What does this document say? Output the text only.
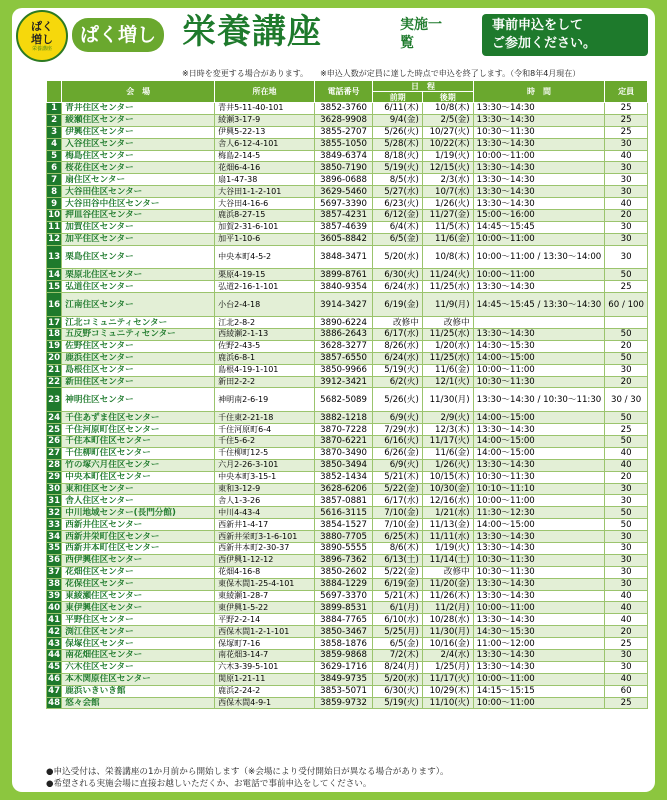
ぱく
増し
栄養講座
ぱく増し 栄養講座	実施一覧
事前申込をして
ご参加ください。
※日時を変更する場合があります。 ※申込人数が定員に達した時点で申込を終了します。（令和8年4月現在）
	会　場	所在地	電話番号	日　程		時　間	定員
				前期	後期		
1	青井住区センター	青井5-11-40-101	3852-3760	6/11(木)	10/8(木)	13:30～14:30	25
2	綾瀬住区センター	綾瀬3-17-9	3628-9908	9/4(金)	2/5(金)	13:30～14:30	25
3	伊興住区センター	伊興5-22-13	3855-2707	5/26(火)	10/27(火)	10:30～11:30	25
4	入谷住区センター	舎人6-12-4-101	3855-1050	5/28(木)	10/22(木)	13:30～14:30	30
5	梅島住区センター	梅島2-14-5	3849-6374	8/18(火)	1/19(火)	10:00～11:00	40
6	桜花住区センター	花畑6-4-16	3850-7190	5/19(火)	12/15(火)	13:30～14:30	30
7	扇住区センター	扇1-47-38	3896-0688	8/5(水)	2/3(水)	13:30～14:30	30
8	大谷田住区センター	大谷田1-1-2-101	3629-5460	5/27(水)	10/7(水)	13:30～14:30	30
9	大谷田谷中住区センター	大谷田4-16-6	5697-3390	6/23(火)	1/26(火)	13:30～14:30	40
10	押皿谷住区センター	鹿浜8-27-15	3857-4231	6/12(金)	11/27(金)	15:00～16:00	20
11	加賀住区センター	加賀2-31-6-101	3857-4639	6/4(木)	11/5(木)	14:45～15:45	30
12	加平住区センター	加平1-10-6	3605-8842	6/5(金)	11/6(金)	10:00～11:00	30
13	栗島住区センター	中央本町4-5-2	3848-3471	5/20(水)	10/8(木)	10:00～11:00 / 13:30～14:00	30
14	栗原北住区センター	栗原4-19-15	3899-8761	6/30(火)	11/24(火)	10:00～11:00	50
15	弘道住区センター	弘道2-16-1-101	3840-9354	6/24(水)	11/25(水)	13:30～14:30	25
16	江南住区センター	小台2-4-18	3914-3427	6/19(金)	11/9(月)	14:45～15:45 / 13:30～14:30	60 / 100
17	江北コミュニティセンター	江北2-8-2	3890-6224	改修中	改修中		
18	五反野コミュニティセンター	西綾瀬2-1-13	3886-2643	6/17(水)	11/25(水)	13:30～14:30	50
19	佐野住区センター	佐野2-43-5	3628-3277	8/26(水)	1/20(水)	14:30～15:30	20
20	鹿浜住区センター	鹿浜6-8-1	3857-6550	6/24(水)	11/25(水)	14:00～15:00	50
21	島根住区センター	島根4-19-1-101	3850-9966	5/19(火)	11/6(金)	10:00～11:00	30
22	新田住区センター	新田2-2-2	3912-3421	6/2(火)	12/1(火)	10:30～11:30	20
23	神明住区センター	神明南2-6-19	5682-5089	5/26(火)	11/30(月)	13:30～14:30 / 10:30～11:30	30 / 30
24	千住あずま住区センター	千住東2-21-18	3882-1218	6/9(火)	2/9(火)	14:00～15:00	50
25	千住河原町住区センター	千住河原町6-4	3870-7228	7/29(水)	12/3(木)	13:30～14:30	25
26	千住本町住区センター	千住5-6-2	3870-6221	6/16(火)	11/17(火)	14:00～15:00	50
27	千住柳町住区センター	千住柳町12-5	3870-3490	6/26(金)	11/6(金)	14:00～15:00	40
28	竹の塚六月住区センター	六月2-26-3-101	3850-3494	6/9(火)	1/26(火)	13:30～14:30	40
29	中央本町住区センター	中央本町3-15-1	3852-1434	5/21(木)	10/15(木)	10:30～11:30	20
30	東和住区センター	東和3-12-9	3628-6206	5/22(金)	10/30(金)	10:10～11:10	30
31	舎人住区センター	舎人1-3-26	3857-0881	6/17(水)	12/16(水)	10:00～11:00	30
32	中川地域センター(長門分館)	中川4-43-4	5616-3115	7/10(金)	1/21(水)	11:30～12:30	50
33	西新井住区センター	西新井1-4-17	3854-1527	7/10(金)	11/13(金)	14:00～15:00	50
34	西新井栄町住区センター	西新井栄町3-1-6-101	3880-7705	6/25(木)	11/11(水)	13:30～14:30	30
35	西新井本町住区センター	西新井本町2-30-37	3890-5555	8/6(木)	1/19(火)	13:30～14:30	30
36	西伊興住区センター	西伊興1-12-12	3896-7362	6/13(土)	11/14(土)	10:30～11:30	30
37	花畑住区センター	花畑4-16-8	3850-2602	5/22(金)	改修中	10:30～11:30	30
38	花保住区センター	東保木間1-25-4-101	3884-1229	6/19(金)	11/20(金)	13:30～14:30	30
39	東綾瀬住区センター	東綾瀬1-28-7	5697-3370	5/21(木)	11/26(木)	13:30～14:30	40
40	東伊興住区センター	東伊興1-5-22	3899-8531	6/1(月)	11/2(月)	10:00～11:00	40
41	平野住区センター	平野2-2-14	3884-7765	6/10(水)	10/28(水)	13:30～14:30	40
42	渕江住区センター	西保木間1-2-1-101	3850-3467	5/25(月)	11/30(月)	14:30～15:30	20
43	保塚住区センター	保塚町7-16	3858-1876	6/5(金)	10/16(金)	11:00～12:00	25
44	南花畑住区センター	南花畑3-14-7	3859-9868	7/2(木)	2/4(水)	13:30～14:30	30
45	六木住区センター	六木3-39-5-101	3629-1716	8/24(月)	1/25(月)	13:30～14:30	30
46	本木関原住区センター	関原1-21-11	3849-9735	5/20(水)	11/17(火)	10:00～11:00	40
47	鹿浜いきいき館	鹿浜2-24-2	3853-5071	6/30(火)	10/29(木)	14:15～15:15	60
48	悠々会館	西保木間4-9-1	3859-9732	5/19(火)	11/10(火)	10:00～11:00	25
●申込受付は、栄養講座の1か月前から開始します（※会場により受付開始日が異なる場合があります）。
●希望される実施会場に直接お越しいただくか、お電話で事前申込をしてください。
